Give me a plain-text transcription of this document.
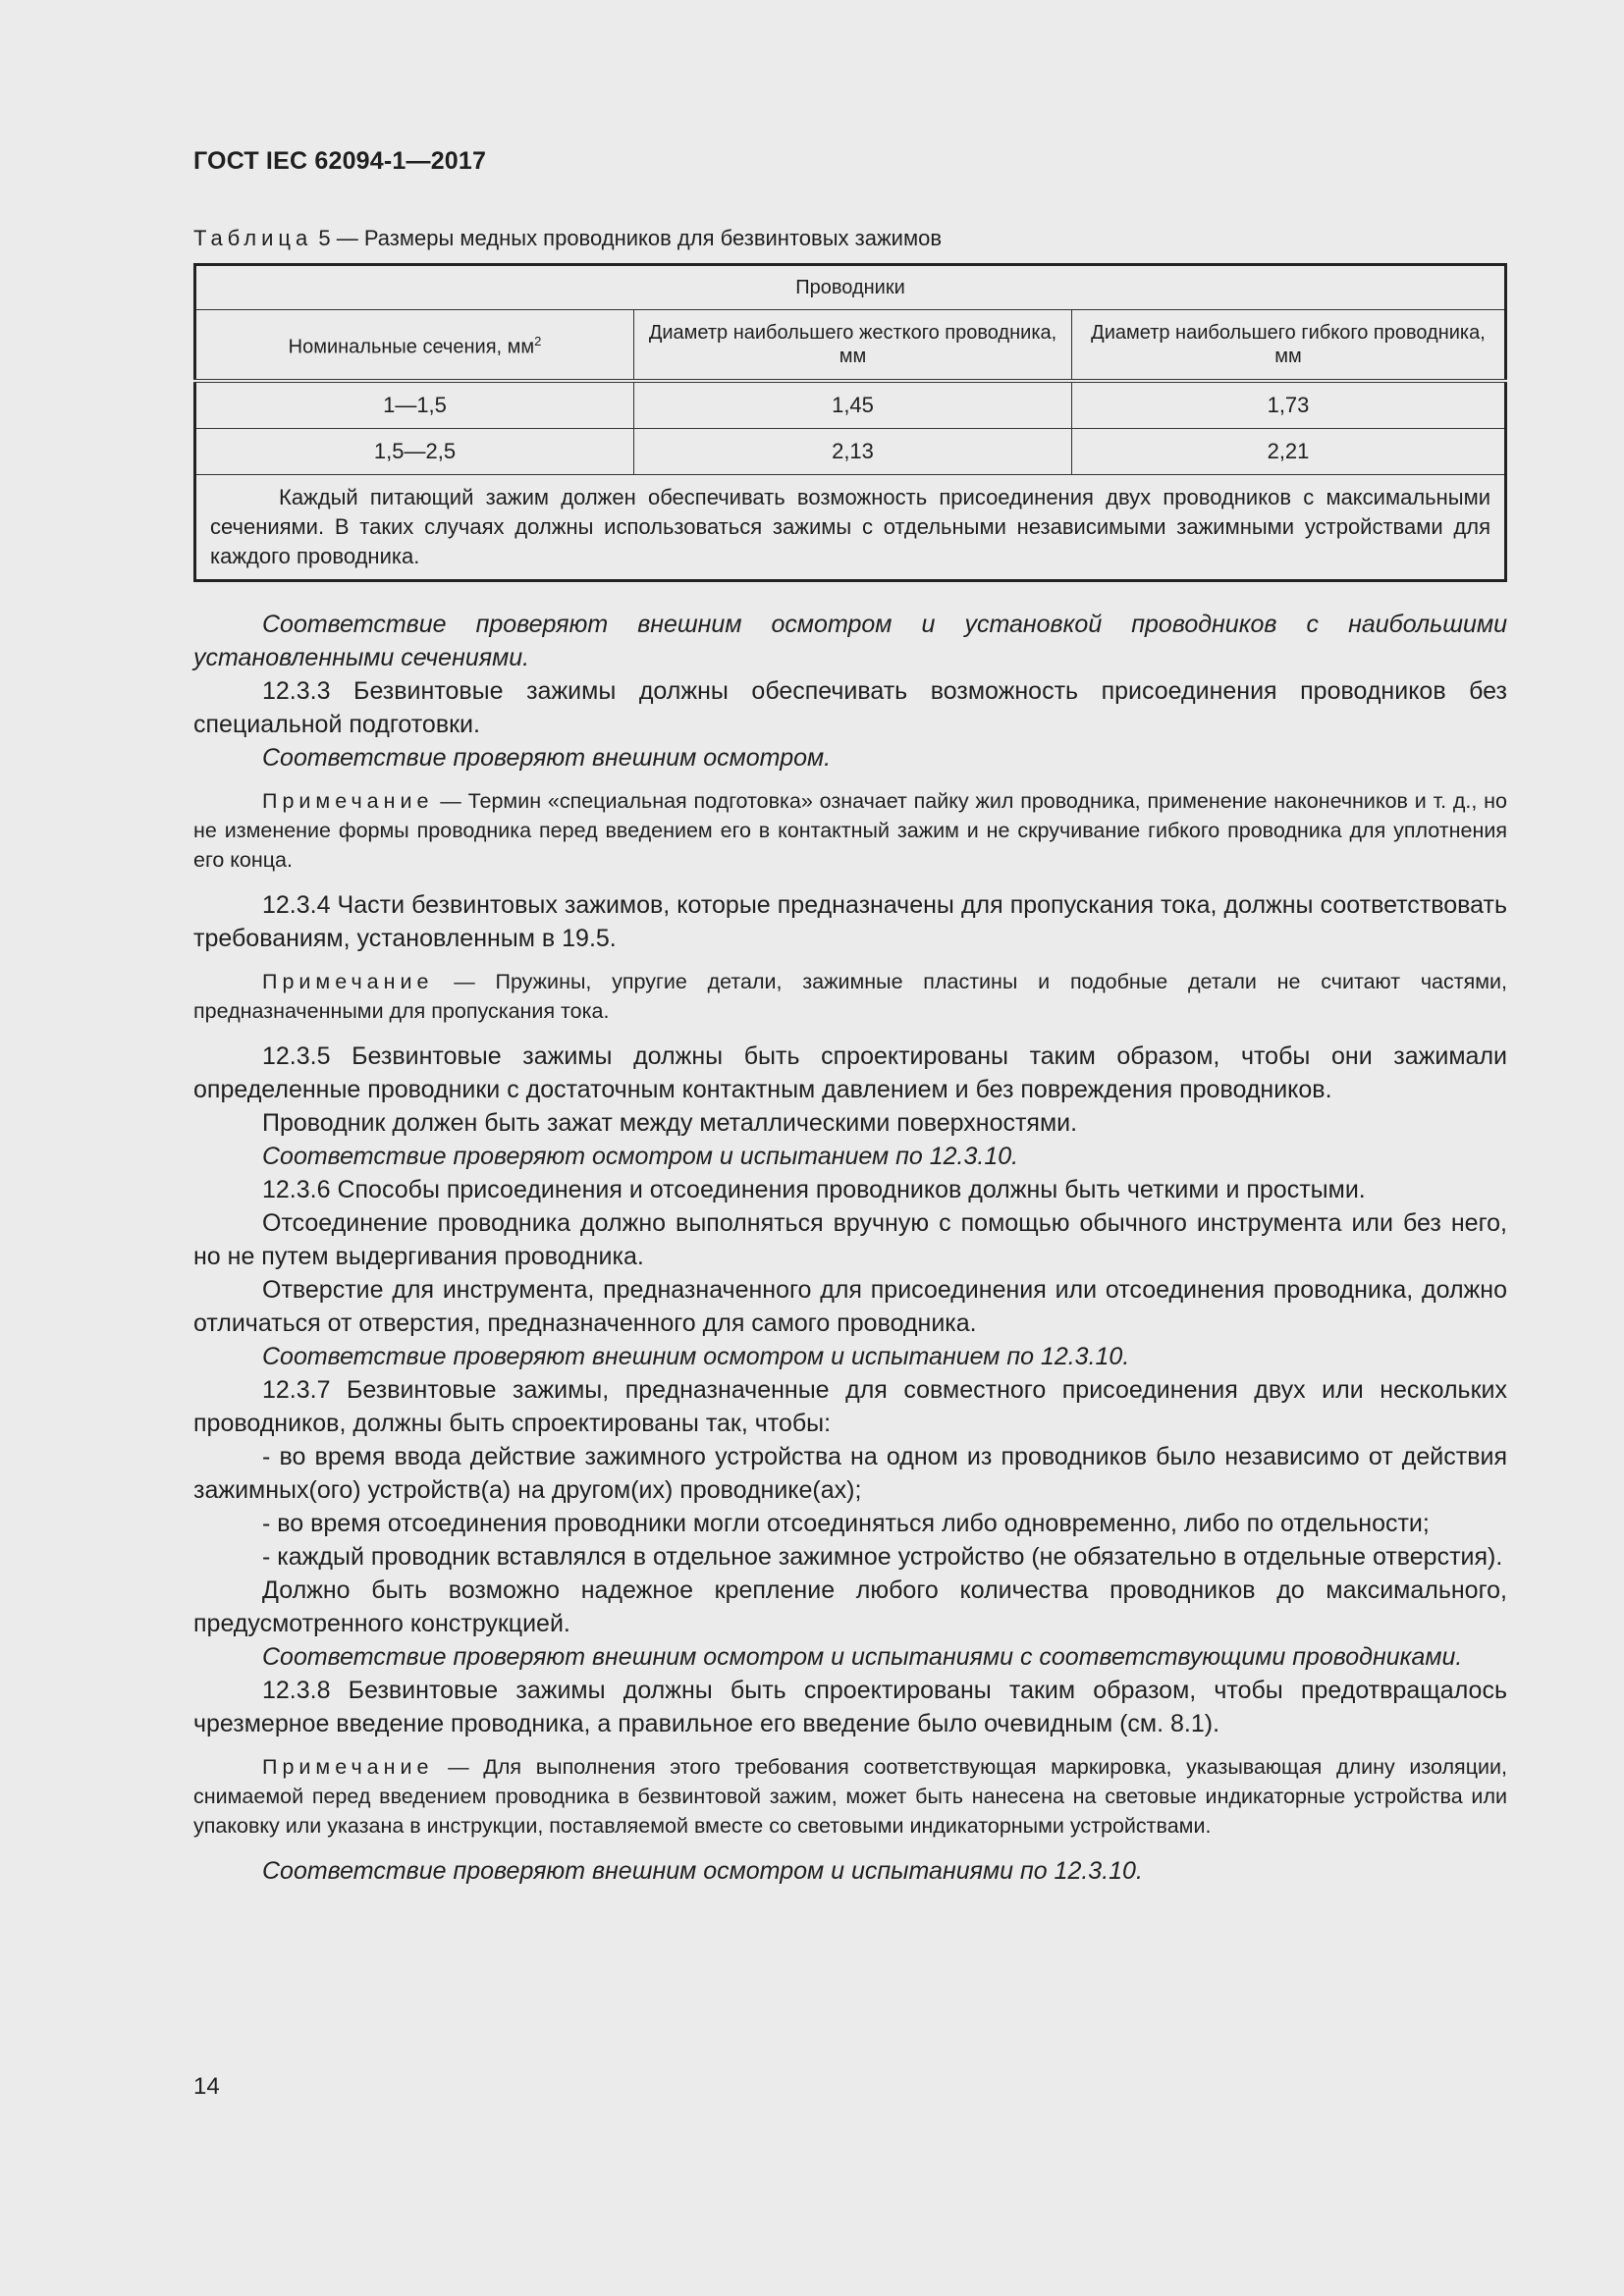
ГОСТ IEC 62094-1—2017
Таблица 5 — Размеры медных проводников для безвинтовых зажимов
Проводники		
Номинальные сечения, $мм^2$	Диаметр наибольшего жесткого проводника, мм	Диаметр наибольшего гибкого проводника, мм
1—1,5	1,45	1,73
1,5—2,5	2,13	2,21
Каждый питающий зажим должен обеспечивать возможность присоединения двух проводников с максимальными сечениями. В таких случаях должны использоваться зажимы с отдельными независимыми зажимными устройствами для каждого проводника.		

Соответствие проверяют внешним осмотром и установкой проводников с наибольшими установленными сечениями.

12.3.3 Безвинтовые зажимы должны обеспечивать возможность присоединения проводников без специальной подготовки.

Соответствие проверяют внешним осмотром.

Примечание — Термин «специальная подготовка» означает пайку жил проводника, применение наконечников и т. д., но не изменение формы проводника перед введением его в контактный зажим и не скручивание гибкого проводника для уплотнения его конца.

12.3.4 Части безвинтовых зажимов, которые предназначены для пропускания тока, должны соответствовать требованиям, установленным в 19.5.

Примечание — Пружины, упругие детали, зажимные пластины и подобные детали не считают частями, предназначенными для пропускания тока.

12.3.5 Безвинтовые зажимы должны быть спроектированы таким образом, чтобы они зажимали определенные проводники с достаточным контактным давлением и без повреждения проводников.

Проводник должен быть зажат между металлическими поверхностями.

Соответствие проверяют осмотром и испытанием по 12.3.10.

12.3.6 Способы присоединения и отсоединения проводников должны быть четкими и простыми.

Отсоединение проводника должно выполняться вручную с помощью обычного инструмента или без него, но не путем выдергивания проводника.

Отверстие для инструмента, предназначенного для присоединения или отсоединения проводника, должно отличаться от отверстия, предназначенного для самого проводника.

Соответствие проверяют внешним осмотром и испытанием по 12.3.10.

12.3.7 Безвинтовые зажимы, предназначенные для совместного присоединения двух или нескольких проводников, должны быть спроектированы так, чтобы:

- во время ввода действие зажимного устройства на одном из проводников было независимо от действия зажимных(ого) устройств(а) на другом(их) проводнике(ах);

- во время отсоединения проводники могли отсоединяться либо одновременно, либо по отдельности;

- каждый проводник вставлялся в отдельное зажимное устройство (не обязательно в отдельные отверстия).

Должно быть возможно надежное крепление любого количества проводников до максимального, предусмотренного конструкцией.

Соответствие проверяют внешним осмотром и испытаниями с соответствующими проводниками.

12.3.8 Безвинтовые зажимы должны быть спроектированы таким образом, чтобы предотвращалось чрезмерное введение проводника, а правильное его введение было очевидным (см. 8.1).

Примечание — Для выполнения этого требования соответствующая маркировка, указывающая длину изоляции, снимаемой перед введением проводника в безвинтовой зажим, может быть нанесена на световые индикаторные устройства или упаковку или указана в инструкции, поставляемой вместе со световыми индикаторными устройствами.

Соответствие проверяют внешним осмотром и испытаниями по 12.3.10.

14
